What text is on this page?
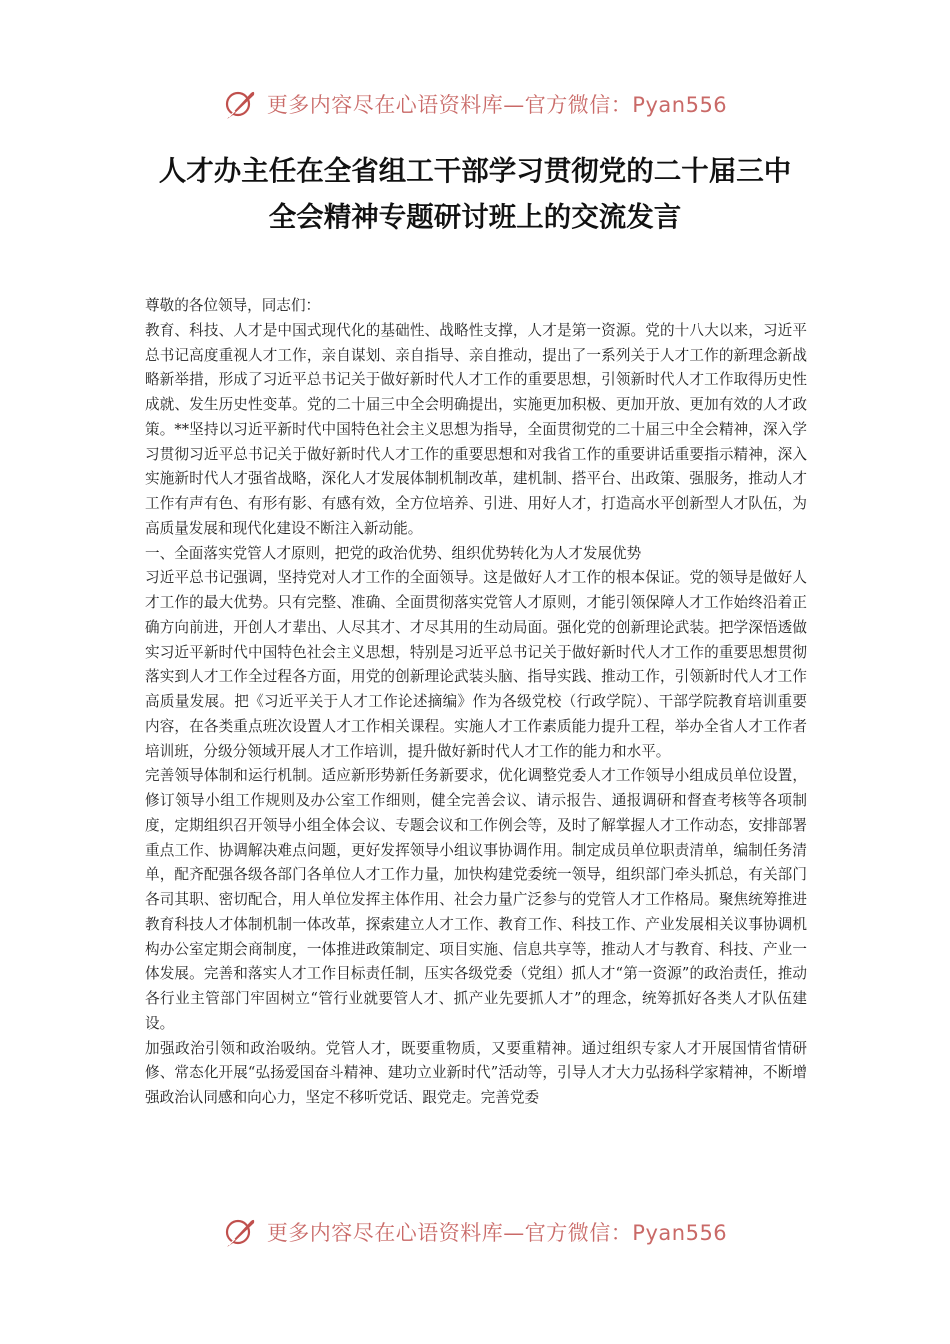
更多内容尽在心语资料库—官方微信：Pyan556
人才办主任在全省组工干部学习贯彻党的二十届三中
全会精神专题研讨班上的交流发言

尊敬的各位领导，同志们：

教育、科技、人才是中国式现代化的基础性、战略性支撑，人才是第一资源。党的十八大以来，习近平总书记高度重视人才工作，亲自谋划、亲自指导、亲自推动，提出了一系列关于人才工作的新理念新战略新举措，形成了习近平总书记关于做好新时代人才工作的重要思想，引领新时代人才工作取得历史性成就、发生历史性变革。党的二十届三中全会明确提出，实施更加积极、更加开放、更加有效的人才政策。**坚持以习近平新时代中国特色社会主义思想为指导，全面贯彻党的二十届三中全会精神，深入学习贯彻习近平总书记关于做好新时代人才工作的重要思想和对我省工作的重要讲话重要指示精神，深入实施新时代人才强省战略，深化人才发展体制机制改革，建机制、搭平台、出政策、强服务，推动人才工作有声有色、有形有影、有感有效，全方位培养、引进、用好人才，打造高水平创新型人才队伍，为高质量发展和现代化建设不断注入新动能。

一、全面落实党管人才原则，把党的政治优势、组织优势转化为人才发展优势

习近平总书记强调，坚持党对人才工作的全面领导。这是做好人才工作的根本保证。党的领导是做好人才工作的最大优势。只有完整、准确、全面贯彻落实党管人才原则，才能引领保障人才工作始终沿着正确方向前进，开创人才辈出、人尽其才、才尽其用的生动局面。强化党的创新理论武装。把学深悟透做实习近平新时代中国特色社会主义思想，特别是习近平总书记关于做好新时代人才工作的重要思想贯彻落实到人才工作全过程各方面，用党的创新理论武装头脑、指导实践、推动工作，引领新时代人才工作高质量发展。把《习近平关于人才工作论述摘编》作为各级党校（行政学院）、干部学院教育培训重要内容，在各类重点班次设置人才工作相关课程。实施人才工作素质能力提升工程，举办全省人才工作者培训班，分级分领域开展人才工作培训，提升做好新时代人才工作的能力和水平。

完善领导体制和运行机制。适应新形势新任务新要求，优化调整党委人才工作领导小组成员单位设置，修订领导小组工作规则及办公室工作细则，健全完善会议、请示报告、通报调研和督查考核等各项制度，定期组织召开领导小组全体会议、专题会议和工作例会等，及时了解掌握人才工作动态，安排部署重点工作、协调解决难点问题，更好发挥领导小组议事协调作用。制定成员单位职责清单，编制任务清单，配齐配强各级各部门各单位人才工作力量，加快构建党委统一领导，组织部门牵头抓总，有关部门各司其职、密切配合，用人单位发挥主体作用、社会力量广泛参与的党管人才工作格局。聚焦统筹推进教育科技人才体制机制一体改革，探索建立人才工作、教育工作、科技工作、产业发展相关议事协调机构办公室定期会商制度，一体推进政策制定、项目实施、信息共享等，推动人才与教育、科技、产业一体发展。完善和落实人才工作目标责任制，压实各级党委（党组）抓人才“第一资源”的政治责任，推动各行业主管部门牢固树立“管行业就要管人才、抓产业先要抓人才”的理念，统筹抓好各类人才队伍建设。

加强政治引领和政治吸纳。党管人才，既要重物质，又要重精神。通过组织专家人才开展国情省情研修、常态化开展“弘扬爱国奋斗精神、建功立业新时代”活动等，引导人才大力弘扬科学家精神，不断增强政治认同感和向心力，坚定不移听党话、跟党走。完善党委

更多内容尽在心语资料库—官方微信：Pyan556
